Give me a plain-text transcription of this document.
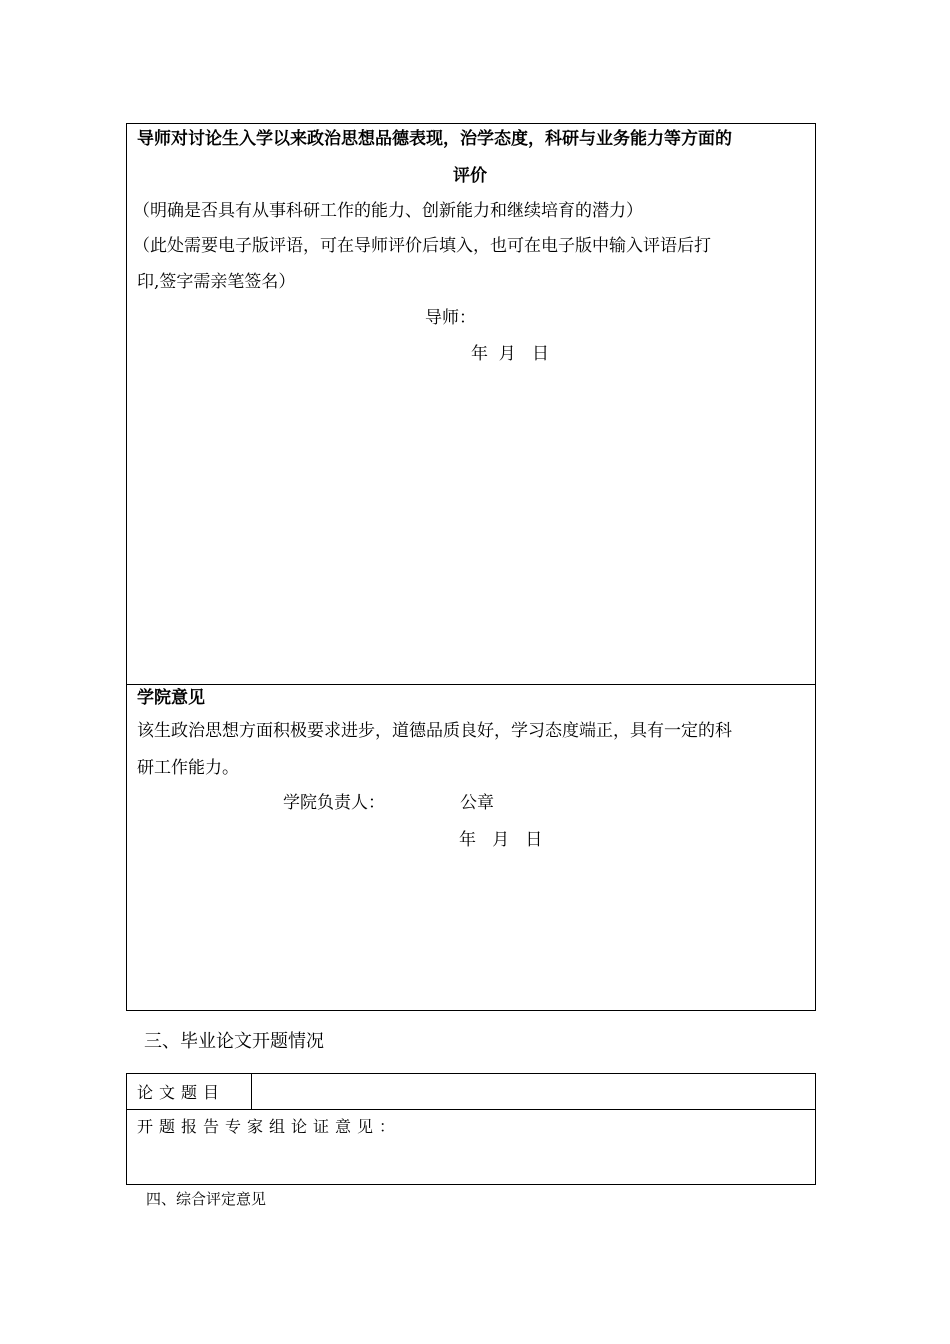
导师对讨论生入学以来政治思想品德表现，治学态度，科研与业务能力等方面的
评价
（明确是否具有从事科研工作的能力、创新能力和继续培育的潜力）
（此处需要电子版评语，可在导师评价后填入，也可在电子版中输入评语后打
印,签字需亲笔签名）
导师：
年  月   日
学院意见
该生政治思想方面积极要求进步，道德品质良好，学习态度端正，具有一定的科
研工作能力。
学院负责人：	公章
年   月   日
三、毕业论文开题情况
论文题目	
开题报告专家组论证意见：
四、综合评定意见
